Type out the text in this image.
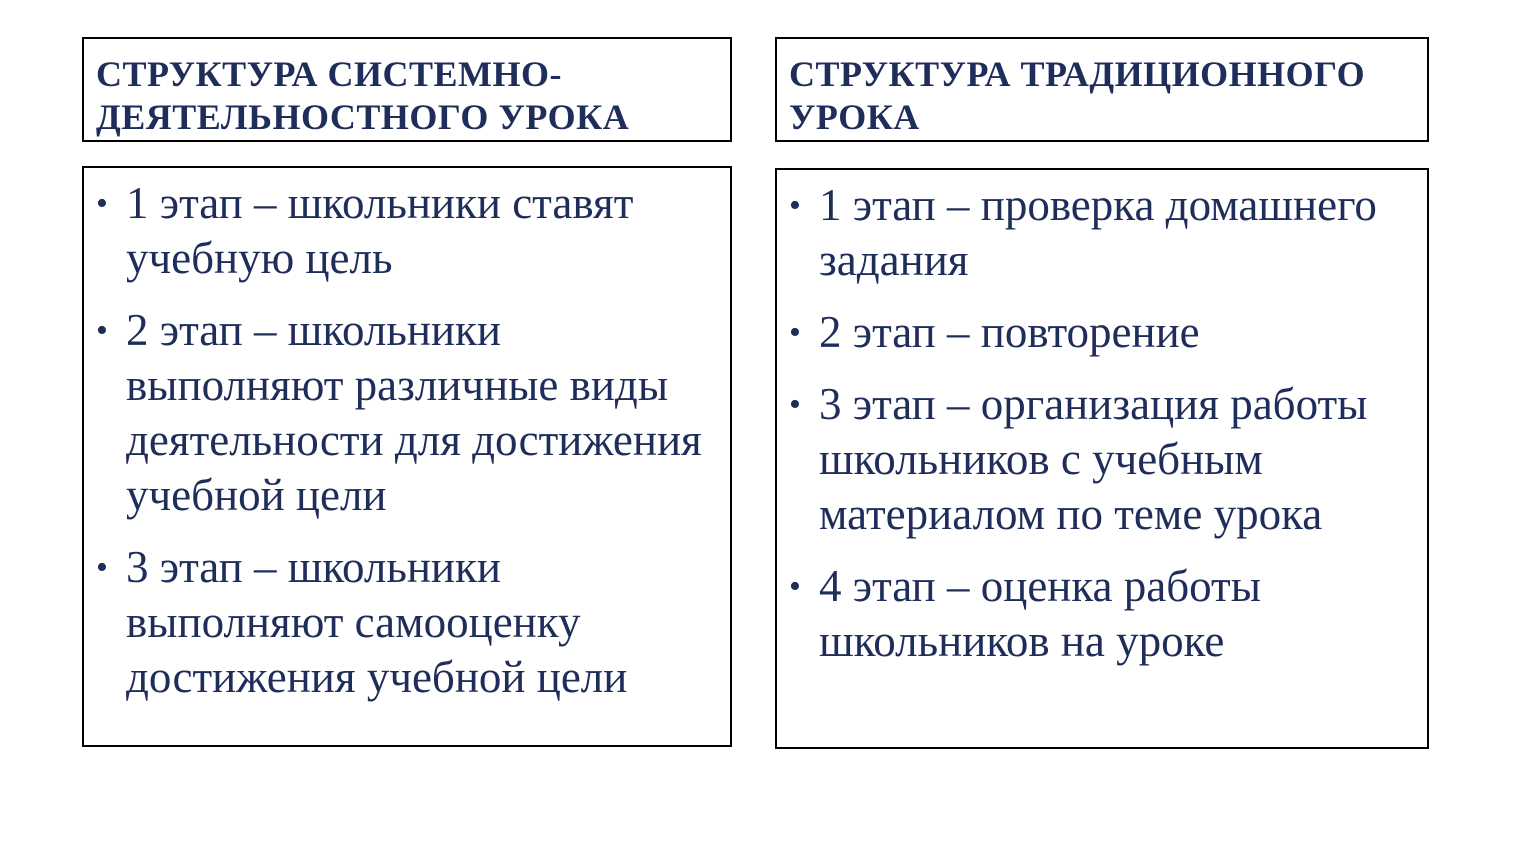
СТРУКТУРА СИСТЕМНО-ДЕЯТЕЛЬНОСТНОГО УРОКА

СТРУКТУРА ТРАДИЦИОННОГО УРОКА

• 1 этап – школьники ставят учебную цель
• 2 этап – школьники выполняют различные виды деятельности для достижения учебной цели
• 3 этап – школьники выполняют самооценку достижения учебной цели
• 1 этап – проверка домашнего задания
• 2 этап – повторение
• 3 этап – организация работы школьников с учебным материалом по теме урока
• 4 этап – оценка работы школьников на уроке
